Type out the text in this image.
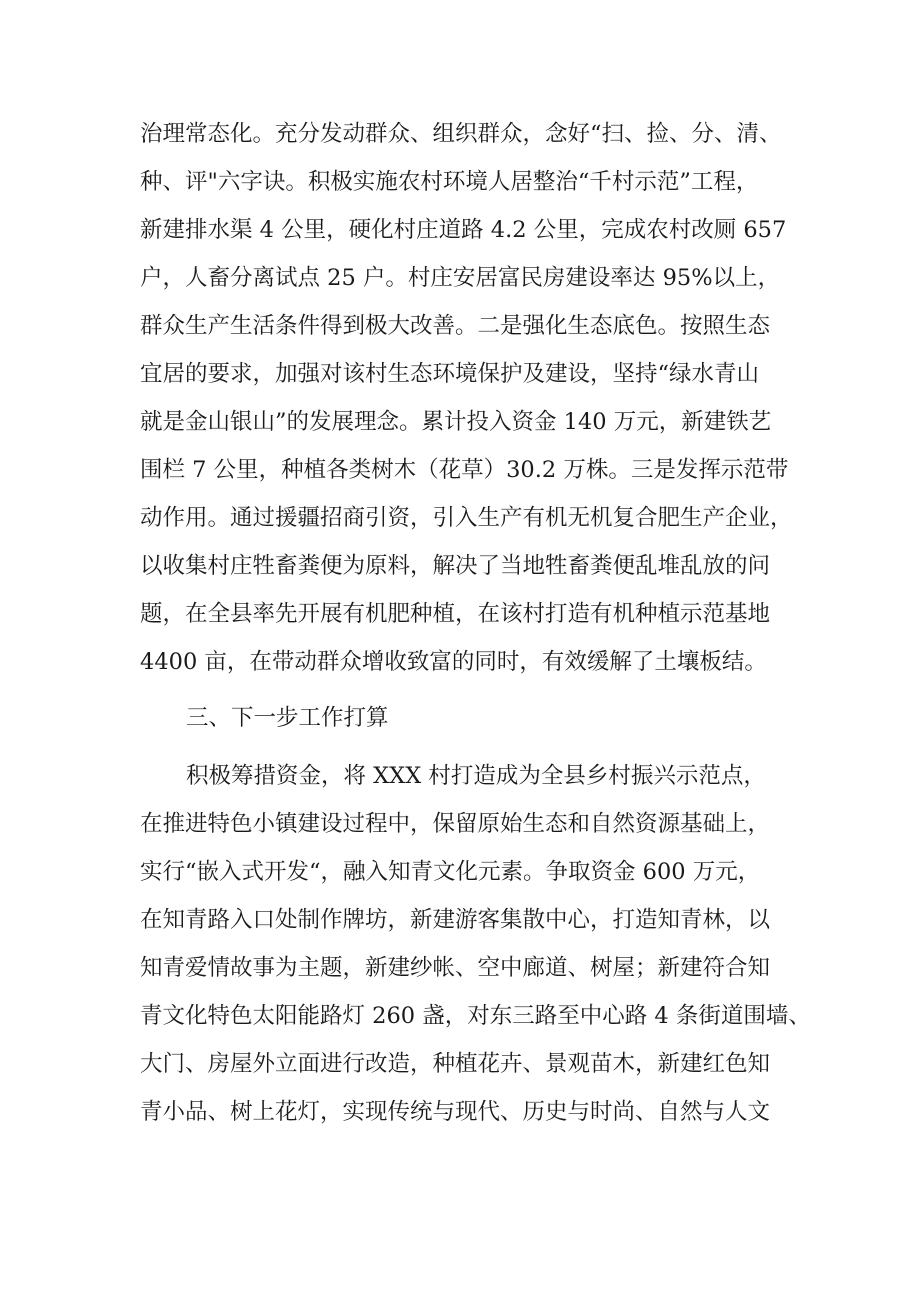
治理常态化。充分发动群众、组织群众，念好“扫、捡、分、清、
种、评"六字诀。积极实施农村环境人居整治“千村示范”工程，
新建排水渠 4 公里，硬化村庄道路 4.2 公里，完成农村改厕 657
户，人畜分离试点 25 户。村庄安居富民房建设率达 95%以上，
群众生产生活条件得到极大改善。二是强化生态底色。按照生态
宜居的要求，加强对该村生态环境保护及建设，坚持“绿水青山
就是金山银山”的发展理念。累计投入资金 140 万元，新建铁艺
围栏 7 公里，种植各类树木（花草）30.2 万株。三是发挥示范带
动作用。通过援疆招商引资，引入生产有机无机复合肥生产企业，
以收集村庄牲畜粪便为原料，解决了当地牲畜粪便乱堆乱放的问
题，在全县率先开展有机肥种植，在该村打造有机种植示范基地
4400 亩，在带动群众增收致富的同时，有效缓解了土壤板结。
三、下一步工作打算
积极筹措资金，将 XXX 村打造成为全县乡村振兴示范点，
在推进特色小镇建设过程中，保留原始生态和自然资源基础上，
实行“嵌入式开发“，融入知青文化元素。争取资金 600 万元，
在知青路入口处制作牌坊，新建游客集散中心，打造知青林，以
知青爱情故事为主题，新建纱帐、空中廊道、树屋；新建符合知
青文化特色太阳能路灯 260 盏，对东三路至中心路 4 条街道围墙、
大门、房屋外立面进行改造，种植花卉、景观苗木，新建红色知
青小品、树上花灯，实现传统与现代、历史与时尚、自然与人文
